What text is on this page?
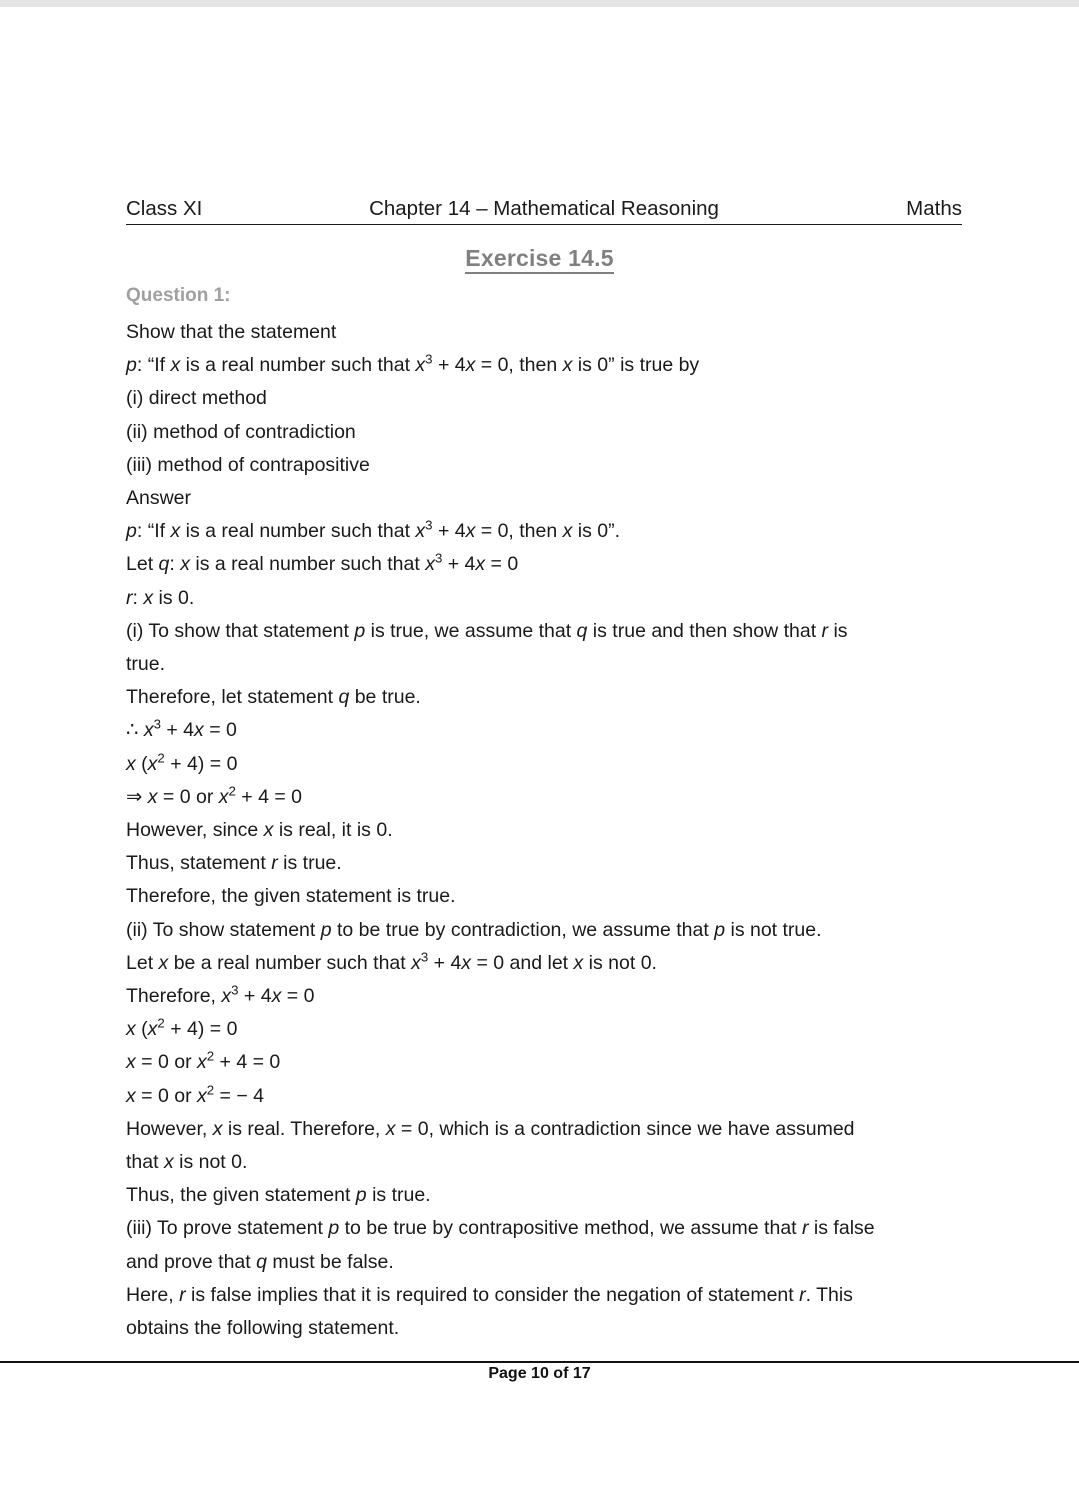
Class XI	Chapter 14 – Mathematical Reasoning	Maths
Exercise 14.5
Question 1:

Show that the statement

p: “If x is a real number such that $x^3 + 4x = 0$, then x is 0” is true by

(i) direct method

(ii) method of contradiction

(iii) method of contrapositive

Answer

p: “If x is a real number such that $x^3 + 4x = 0$, then x is 0”.

Let q: x is a real number such that $x^3 + 4x = 0$

r: x is 0.

(i) To show that statement p is true, we assume that q is true and then show that r is

true.

Therefore, let statement q be true.

∴ $x^3 + 4x = 0$

x $(x^2 + 4) = 0$

⇒ x = 0 or $x^2 + 4 = 0$

However, since x is real, it is 0.

Thus, statement r is true.

Therefore, the given statement is true.

(ii) To show statement p to be true by contradiction, we assume that p is not true.

Let x be a real number such that $x^3 + 4x = 0$ and let x is not 0.

Therefore, $x^3 + 4x = 0$

x $(x^2 + 4) = 0$

x = 0 or $x^2 + 4 = 0$

x = 0 or $x^2$ = − 4

However, x is real. Therefore, x = 0, which is a contradiction since we have assumed

that x is not 0.

Thus, the given statement p is true.

(iii) To prove statement p to be true by contrapositive method, we assume that r is false

and prove that q must be false.

Here, r is false implies that it is required to consider the negation of statement r. This

obtains the following statement.

Page 10 of 17
